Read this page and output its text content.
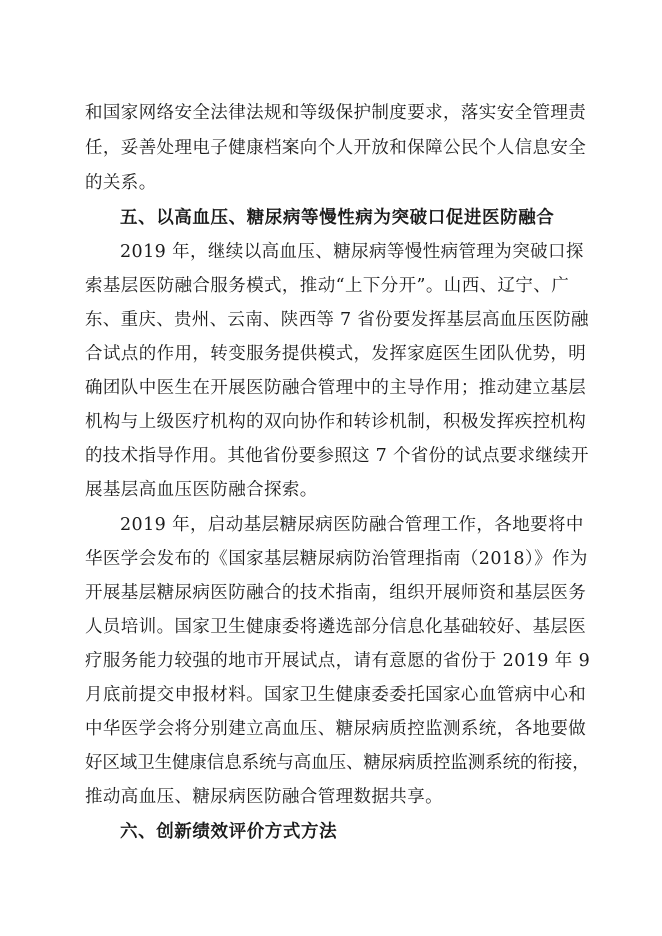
和国家网络安全法律法规和等级保护制度要求，落实安全管理责
任，妥善处理电子健康档案向个人开放和保障公民个人信息安全
的关系。
五、以高血压、糖尿病等慢性病为突破口促进医防融合
2019 年，继续以高血压、糖尿病等慢性病管理为突破口探
索基层医防融合服务模式，推动“上下分开”。山西、辽宁、广
东、重庆、贵州、云南、陕西等 7 省份要发挥基层高血压医防融
合试点的作用，转变服务提供模式，发挥家庭医生团队优势，明
确团队中医生在开展医防融合管理中的主导作用；推动建立基层
机构与上级医疗机构的双向协作和转诊机制，积极发挥疾控机构
的技术指导作用。其他省份要参照这 7 个省份的试点要求继续开
展基层高血压医防融合探索。
2019 年，启动基层糖尿病医防融合管理工作，各地要将中
华医学会发布的《国家基层糖尿病防治管理指南（2018）》作为
开展基层糖尿病医防融合的技术指南，组织开展师资和基层医务
人员培训。国家卫生健康委将遴选部分信息化基础较好、基层医
疗服务能力较强的地市开展试点，请有意愿的省份于 2019 年 9
月底前提交申报材料。国家卫生健康委委托国家心血管病中心和
中华医学会将分别建立高血压、糖尿病质控监测系统，各地要做
好区域卫生健康信息系统与高血压、糖尿病质控监测系统的衔接，
推动高血压、糖尿病医防融合管理数据共享。
六、创新绩效评价方式方法
